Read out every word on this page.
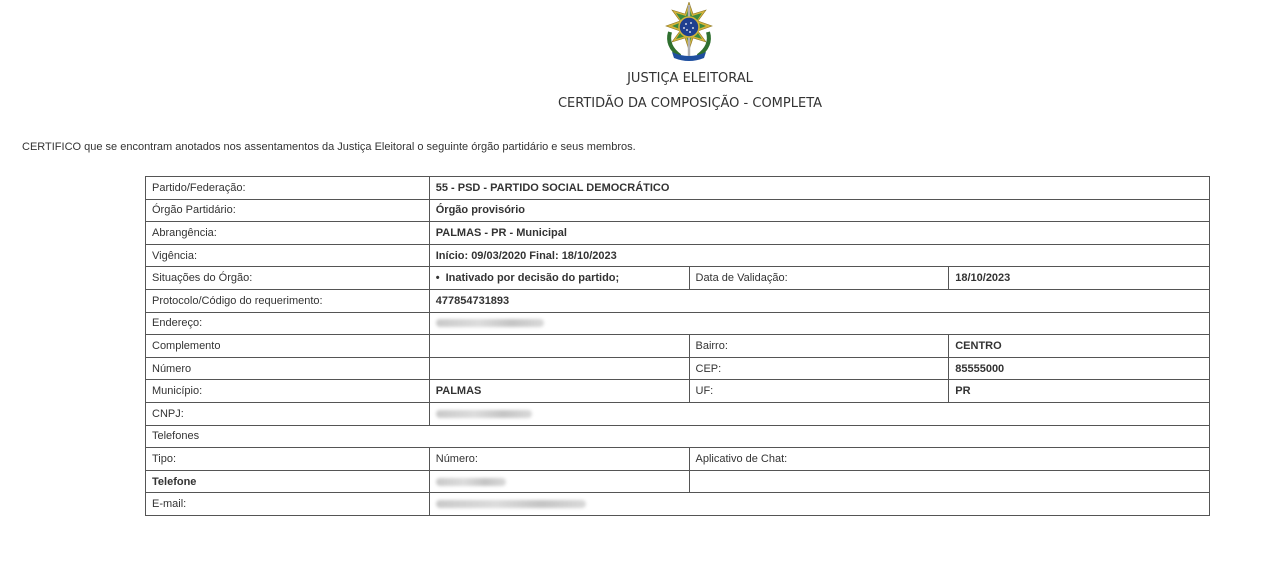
JUSTIÇA ELEITORAL
CERTIDÃO DA COMPOSIÇÃO - COMPLETA
CERTIFICO que se encontram anotados nos assentamentos da Justiça Eleitoral o seguinte órgão partidário e seus membros.
Partido/Federação:	55 - PSD - PARTIDO SOCIAL DEMOCRÁTICO		
Órgão Partidário:	Órgão provisório		
Abrangência:	PALMAS - PR - Municipal		
Vigência:	Início: 09/03/2020 Final: 18/10/2023		
Situações do Órgão:	• Inativado por decisão do partido;	Data de Validação:	18/10/2023
Protocolo/Código do requerimento:	477854731893		
Endereço:			
Complemento		Bairro:	CENTRO
Número		CEP:	85555000
Município:	PALMAS	UF:	PR
CNPJ:			
Telefones			
Tipo:	Número:	Aplicativo de Chat:	
Telefone			
E-mail:			
